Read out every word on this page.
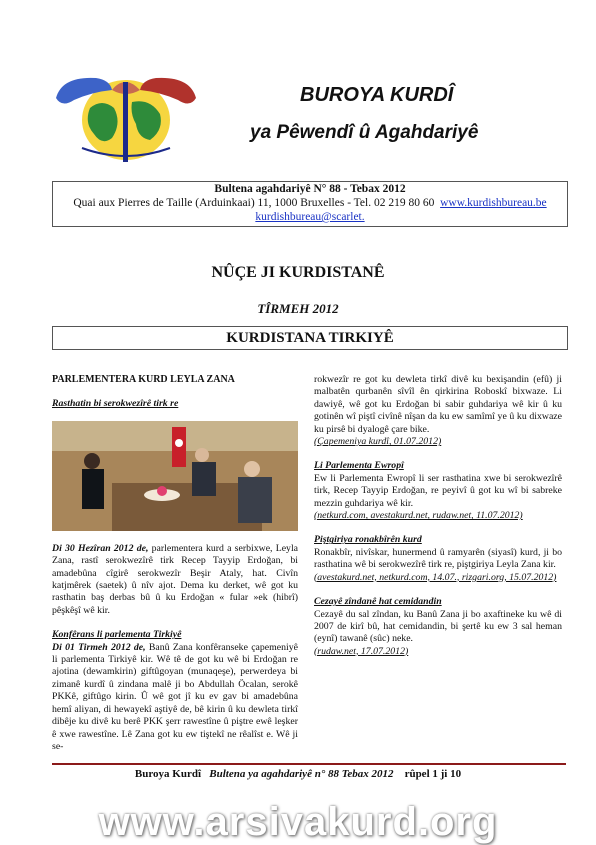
BUROYA KURDÎ
ya Pêwendî û Agahdariyê
Bultena agahdariyê N° 88 - Tebax 2012
Quai aux Pierres de Taille (Arduinkaai) 11, 1000 Bruxelles - Tel. 02 219 80 60 www.kurdishbureau.be
kurdishbureau@scarlet.
NÛÇE JI KURDISTANÊ
TÎRMEH 2012
KURDISTANA TIRKIYÊ

PARLEMENTERA KURD LEYLA ZANA

Rasthatin bi serokwezîrê tirk re

Di 30 Hezîran 2012 de, parlementera kurd a serbixwe, Leyla Zana, rastî serokwezîrê tirk Recep Tayyip Erdoğan, bi amadebûna cîgirê serokwezîr Beşir Ataly, hat. Civîn katjmêrek (saetek) û nîv ajot. Dema ku derket, wê got ku rasthatin baş derbas bû û ku Erdoğan « fular »ek (hibrî) pêşkêşî wê kir.

Konfêrans li parlementa Tirkiyê

Di 01 Tirmeh 2012 de, Banû Zana konfêranseke çapemeniyê li parlementa Tirkiyê kir. Wê tê de got ku wê bi Erdoğan re ajotina (dewamkirin) giftûgoyan (munaqeşe), perwerdeya bi zimanê kurdî û zindana malê ji bo Abdullah Öcalan, serokê PKKê, giftûgo kirin. Û wê got jî ku ev gav bi amadebûna hemî aliyan, di hewayekî aştiyê de, bê kirin û ku dewleta tirkî dibêje ku divê ku berê PKK şerr rawestîne û piştre ewê leşker ê xwe rawestîne. Lê Zana got ku ew tiştekî ne rêalîst e. Wê ji se-

rokwezîr re got ku dewleta tirkî divê ku bexişandin (efû) ji malbatên qurbanên sîvîl ên qirkirina Roboskî bixwaze. Li dawiyê, wê got ku Erdoğan bi sabir guhdariya wê kir û ku gotinên wî piştî civînê nîşan da ku ew samîmî ye û ku dixwaze ku pirsê bi dyalogê çare bike.

(Çapemeniya kurdî, 01.07.2012)

Li Parlementa Ewropî

Ew li Parlementa Ewropî li ser rasthatina xwe bi serokwezîrê tirk, Recep Tayyip Erdoğan, re peyivî û got ku wî bi sabreke mezzin guhdariya wê kir.

(netkurd.com, avestakurd.net, rudaw.net, 11.07.2012)

Piştgiriya ronakbîrên kurd

Ronakbîr, nivîskar, hunermend û ramyarên (siyasî) kurd, ji bo rasthatina wê bi serokwezîrê tirk re, piştgiriya Leyla Zana kir.

(avestakurd.net, netkurd.com, 14.07., rizgari.org, 15.07.2012)

Cezayê zîndanê hat cemidandin

Cezayê du sal zîndan, ku Banû Zana ji bo axaftineke ku wê di 2007 de kirî bû, hat cemidandin, bi şertê ku ew 3 sal heman (eynî) tawanê (sûc) neke.

(rudaw.net, 17.07.2012)

Buroya Kurdî Bultena ya agahdariyê n° 88 Tebax 2012 rûpel 1 ji 10
www.arsivakurd.org
